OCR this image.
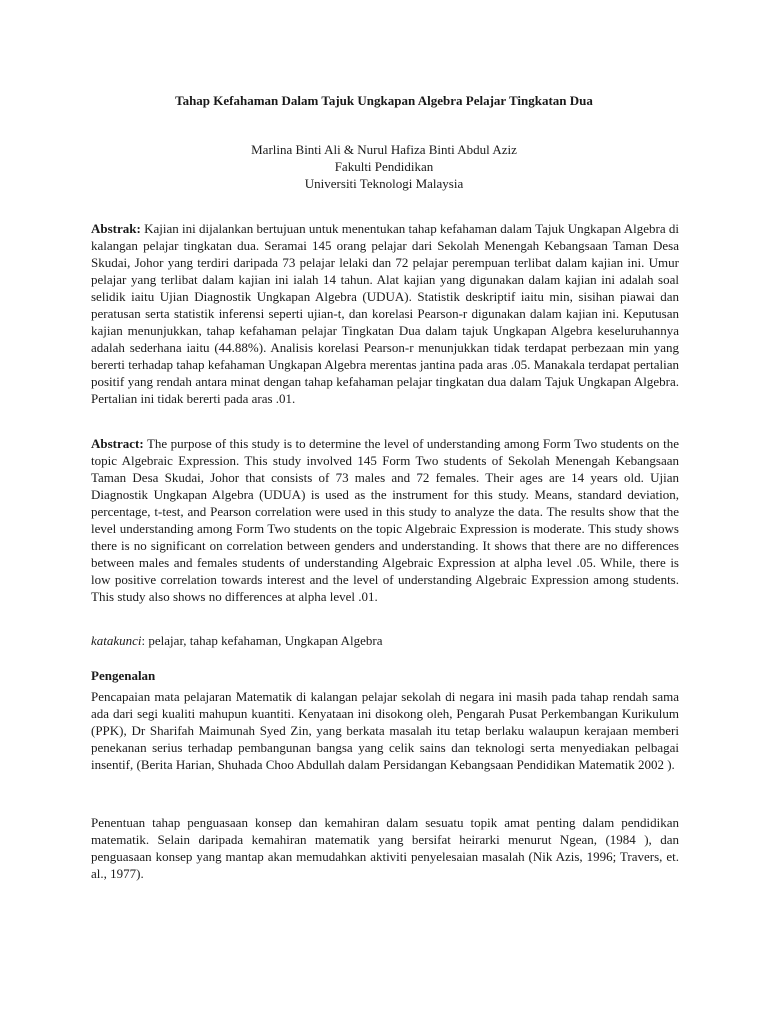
Tahap Kefahaman Dalam Tajuk Ungkapan Algebra Pelajar Tingkatan Dua
Marlina Binti Ali & Nurul Hafiza Binti Abdul Aziz
Fakulti Pendidikan
Universiti Teknologi Malaysia

Abstrak: Kajian ini dijalankan bertujuan untuk menentukan tahap kefahaman dalam Tajuk Ungkapan Algebra di kalangan pelajar tingkatan dua. Seramai 145 orang pelajar dari Sekolah Menengah Kebangsaan Taman Desa Skudai, Johor yang terdiri daripada 73 pelajar lelaki dan 72 pelajar perempuan terlibat dalam kajian ini. Umur pelajar yang terlibat dalam kajian ini ialah 14 tahun. Alat kajian yang digunakan dalam kajian ini adalah soal selidik iaitu Ujian Diagnostik Ungkapan Algebra (UDUA). Statistik deskriptif iaitu min, sisihan piawai dan peratusan serta statistik inferensi seperti ujian-t, dan korelasi Pearson-r digunakan dalam kajian ini. Keputusan kajian menunjukkan, tahap kefahaman pelajar Tingkatan Dua dalam tajuk Ungkapan Algebra keseluruhannya adalah sederhana iaitu (44.88%). Analisis korelasi Pearson-r menunjukkan tidak terdapat perbezaan min yang bererti terhadap tahap kefahaman Ungkapan Algebra merentas jantina pada aras .05. Manakala terdapat pertalian positif yang rendah antara minat dengan tahap kefahaman pelajar tingkatan dua dalam Tajuk Ungkapan Algebra. Pertalian ini tidak bererti pada aras .01.

Abstract: The purpose of this study is to determine the level of understanding among Form Two students on the topic Algebraic Expression. This study involved 145 Form Two students of Sekolah Menengah Kebangsaan Taman Desa Skudai, Johor that consists of 73 males and 72 females. Their ages are 14 years old. Ujian Diagnostik Ungkapan Algebra (UDUA) is used as the instrument for this study. Means, standard deviation, percentage, t-test, and Pearson correlation were used in this study to analyze the data. The results show that the level understanding among Form Two students on the topic Algebraic Expression is moderate. This study shows there is no significant on correlation between genders and understanding. It shows that there are no differences between males and females students of understanding Algebraic Expression at alpha level .05. While, there is low positive correlation towards interest and the level of understanding Algebraic Expression among students. This study also shows no differences at alpha level .01.

katakunci: pelajar, tahap kefahaman, Ungkapan Algebra

Pengenalan

Pencapaian mata pelajaran Matematik di kalangan pelajar sekolah di negara ini masih pada tahap rendah sama ada dari segi kualiti mahupun kuantiti. Kenyataan ini disokong oleh, Pengarah Pusat Perkembangan Kurikulum (PPK), Dr Sharifah Maimunah Syed Zin, yang berkata masalah itu tetap berlaku walaupun kerajaan memberi penekanan serius terhadap pembangunan bangsa yang celik sains dan teknologi serta menyediakan pelbagai insentif, (Berita Harian, Shuhada Choo Abdullah dalam Persidangan Kebangsaan Pendidikan Matematik 2002 ).

Penentuan tahap penguasaan konsep dan kemahiran dalam sesuatu topik amat penting dalam pendidikan matematik. Selain daripada kemahiran matematik yang bersifat heirarki menurut Ngean, (1984 ), dan penguasaan konsep yang mantap akan memudahkan aktiviti penyelesaian masalah (Nik Azis, 1996; Travers, et. al., 1977).
